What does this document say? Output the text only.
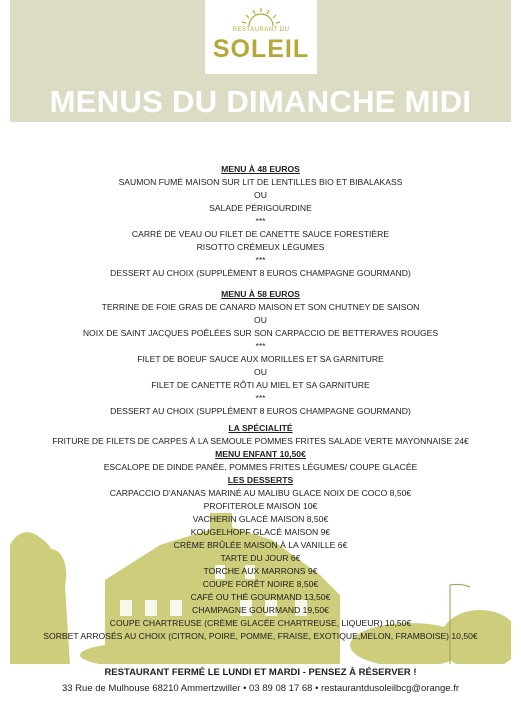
RESTAURANT DU
SOLEIL
MENUS DU DIMANCHE MIDI
MENU À 48 EUROS
SAUMON FUMÉ MAISON SUR LIT DE LENTILLES BIO ET BIBALAKASS
OU
SALADE PÉRIGOURDINE
***
CARRÉ DE VEAU OU FILET DE CANETTE SAUCE FORESTIÈRE
RISOTTO CRÉMEUX LÉGUMES
***
DESSERT AU CHOIX (SUPPLÉMENT 8 EUROS CHAMPAGNE GOURMAND)
MENU À 58 EUROS
TERRINE DE FOIE GRAS DE CANARD MAISON ET SON CHUTNEY DE SAISON
OU
NOIX DE SAINT JACQUES POÊLÉES SUR SON CARPACCIO DE BETTERAVES ROUGES
***
FILET DE BOEUF SAUCE AUX MORILLES ET SA GARNITURE
OU
FILET DE CANETTE RÔTI AU MIEL ET SA GARNITURE
***
DESSERT AU CHOIX (SUPPLÉMENT 8 EUROS CHAMPAGNE GOURMAND)
LA SPÉCIALITÉ
FRITURE DE FILETS DE CARPES À LA SEMOULE POMMES FRITES SALADE VERTE MAYONNAISE 24€
MENU ENFANT 10,50€
ESCALOPE DE DINDE PANÉE, POMMES FRITES LÉGUMES/ COUPE GLACÉE
LES DESSERTS
CARPACCIO D'ANANAS MARINÉ AU MALIBU GLACE NOIX DE COCO 8,50€
PROFITEROLE MAISON 10€
VACHERIN GLACÉ MAISON 8,50€
KOUGELHOPF GLACÉ MAISON 9€
CRÈME BRÛLÉE MAISON À LA VANILLE 6€
TARTE DU JOUR 6€
TORCHE AUX MARRONS 9€
COUPE FORÊT NOIRE 8,50€
CAFÉ OU THÉ GOURMAND 13,50€
CHAMPAGNE GOURMAND 19,50€
COUPE CHARTREUSE (CRÈME GLACÉE CHARTREUSE, LIQUEUR) 10,50€
SORBET ARROSÉS AU CHOIX (CITRON, POIRE, POMME, FRAISE, EXOTIQUE,MELON, FRAMBOISE) 10,50€
RESTAURANT FERMÉ LE LUNDI ET MARDI - PENSEZ À RÉSERVER !
33 Rue de Mulhouse 68210 Ammertzwiller • 03 89 08 17 68 • restaurantdusoleilbcg@orange.fr
